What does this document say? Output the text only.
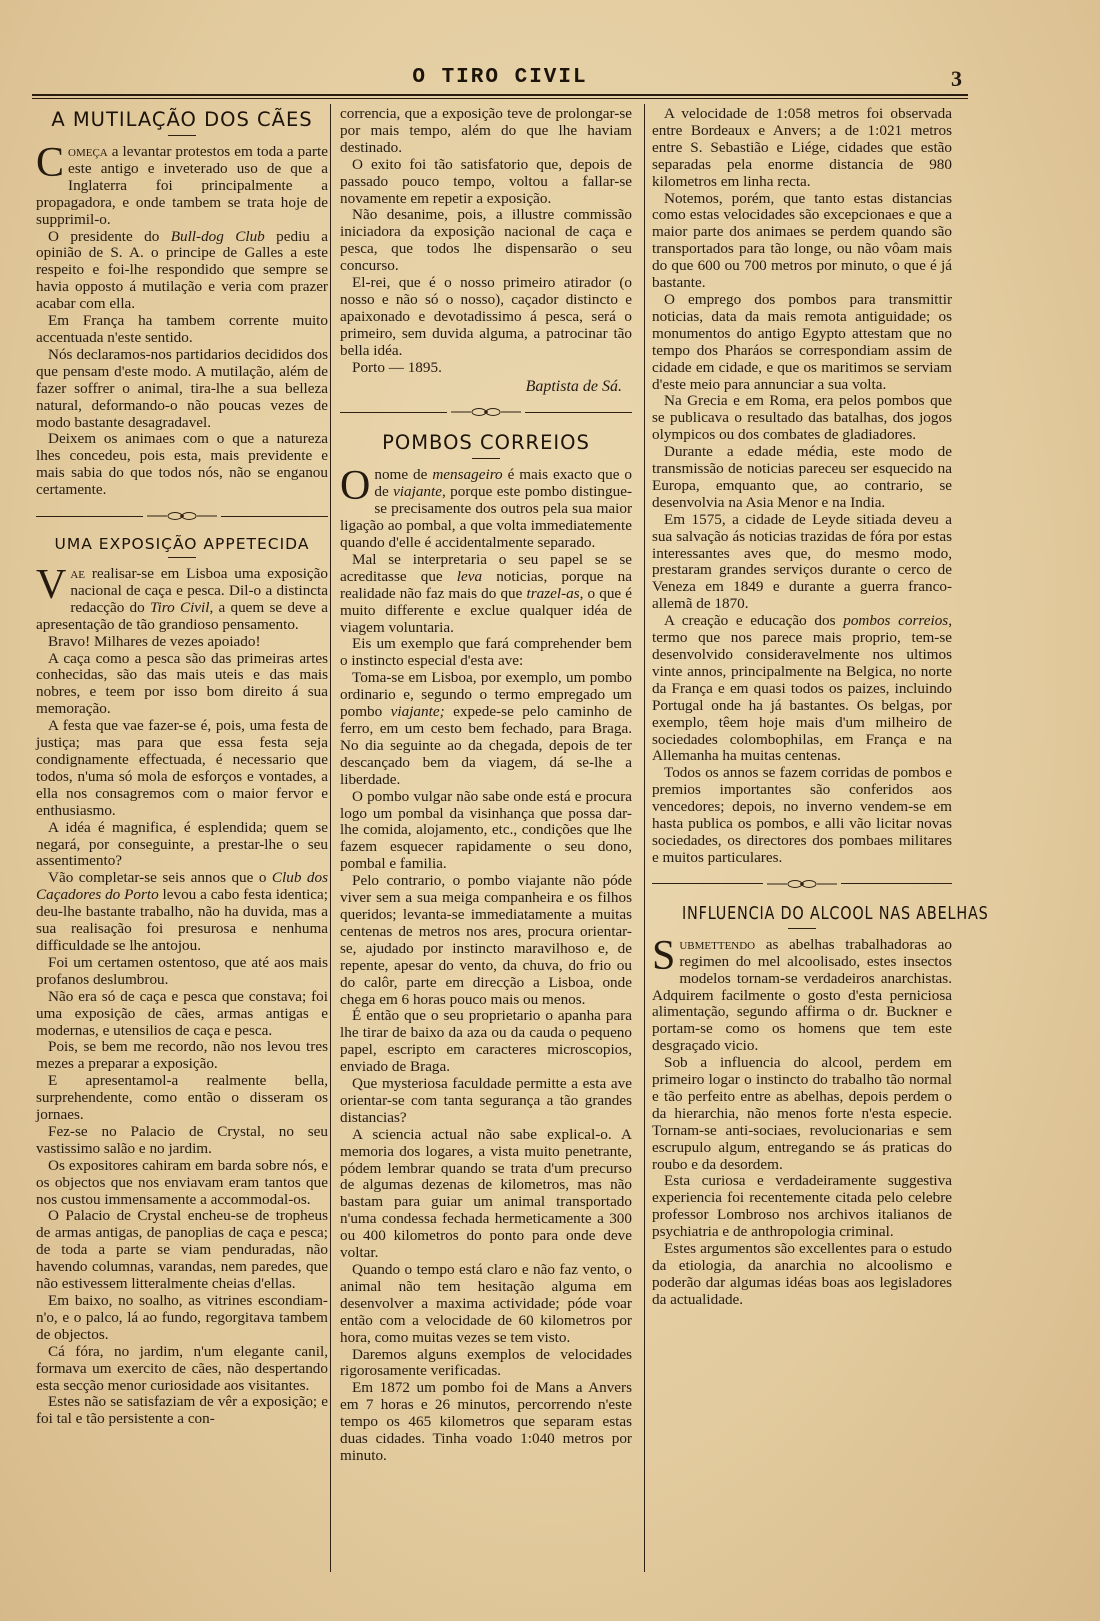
O TIRO CIVIL	3
A MUTILAÇÃO DOS CÃES

Começa a levantar protestos em toda a parte este antigo e inveterado uso de que a Inglaterra foi principalmente a propagadora, e onde tambem se trata hoje de supprimil-o.

O presidente do Bull-dog Club pediu a opinião de S. A. o principe de Galles a este respeito e foi-lhe respondido que sempre se havia opposto á mutilação e veria com prazer acabar com ella.

Em França ha tambem corrente muito accentuada n'este sentido.

Nós declaramos-nos partidarios decididos dos que pensam d'este modo. A mutilação, além de fazer soffrer o animal, tira-lhe a sua belleza natural, deformando-o não poucas vezes de modo bastante desagradavel.

Deixem os animaes com o que a natureza lhes concedeu, pois esta, mais previdente e mais sabia do que todos nós, não se enganou certamente.

UMA EXPOSIÇÃO APPETECIDA

Vae realisar-se em Lisboa uma exposição nacional de caça e pesca. Dil-o a distincta redacção do Tiro Civil, a quem se deve a apresentação de tão grandioso pensamento.

Bravo! Milhares de vezes apoiado!

A caça como a pesca são das primeiras artes conhecidas, são das mais uteis e das mais nobres, e teem por isso bom direito á sua memoração.

A festa que vae fazer-se é, pois, uma festa de justiça; mas para que essa festa seja condignamente effectuada, é necessario que todos, n'uma só mola de esforços e vontades, a ella nos consagremos com o maior fervor e enthusiasmo.

A idéa é magnifica, é esplendida; quem se negará, por conseguinte, a prestar-lhe o seu assentimento?

Vão completar-se seis annos que o Club dos Caçadores do Porto levou a cabo festa identica; deu-lhe bastante trabalho, não ha duvida, mas a sua realisação foi presurosa e nenhuma difficuldade se lhe antojou.

Foi um certamen ostentoso, que até aos mais profanos deslumbrou.

Não era só de caça e pesca que constava; foi uma exposição de cães, armas antigas e modernas, e utensilios de caça e pesca.

Pois, se bem me recordo, não nos levou tres mezes a preparar a exposição.

E apresentamol-a realmente bella, surprehendente, como então o disseram os jornaes.

Fez-se no Palacio de Crystal, no seu vastissimo salão e no jardim.

Os expositores cahiram em barda sobre nós, e os objectos que nos enviavam eram tantos que nos custou immensamente a accommodal-os.

O Palacio de Crystal encheu-se de tropheus de armas antigas, de panoplias de caça e pesca; de toda a parte se viam penduradas, não havendo columnas, varandas, nem paredes, que não estivessem litteralmente cheias d'ellas.

Em baixo, no soalho, as vitrines escondiam-n'o, e o palco, lá ao fundo, regorgitava tambem de objectos.

Cá fóra, no jardim, n'um elegante canil, formava um exercito de cães, não despertando esta secção menor curiosidade aos visitantes.

Estes não se satisfaziam de vêr a exposição; e foi tal e tão persistente a con-

correncia, que a exposição teve de prolongar-se por mais tempo, além do que lhe haviam destinado.

O exito foi tão satisfatorio que, depois de passado pouco tempo, voltou a fallar-se novamente em repetir a exposição.

Não desanime, pois, a illustre commissão iniciadora da exposição nacional de caça e pesca, que todos lhe dispensarão o seu concurso.

El-rei, que é o nosso primeiro atirador (o nosso e não só o nosso), caçador distincto e apaixonado e devotadissimo á pesca, será o primeiro, sem duvida alguma, a patrocinar tão bella idéa.

Porto — 1895.

Baptista de Sá.

POMBOS CORREIOS

O nome de mensageiro é mais exacto que o de viajante, porque este pombo distingue-se precisamente dos outros pela sua maior ligação ao pombal, a que volta immediatemente quando d'elle é accidentalmente separado.

Mal se interpretaria o seu papel se se acreditasse que leva noticias, porque na realidade não faz mais do que trazel-as, o que é muito differente e exclue qualquer idéa de viagem voluntaria.

Eis um exemplo que fará comprehender bem o instincto especial d'esta ave:

Toma-se em Lisboa, por exemplo, um pombo ordinario e, segundo o termo empregado um pombo viajante; expede-se pelo caminho de ferro, em um cesto bem fechado, para Braga. No dia seguinte ao da chegada, depois de ter descançado bem da viagem, dá se-lhe a liberdade.

O pombo vulgar não sabe onde está e procura logo um pombal da visinhança que possa dar-lhe comida, alojamento, etc., condições que lhe fazem esquecer rapidamente o seu dono, pombal e familia.

Pelo contrario, o pombo viajante não póde viver sem a sua meiga companheira e os filhos queridos; levanta-se immediatamente a muitas centenas de metros nos ares, procura orientar-se, ajudado por instincto maravilhoso e, de repente, apesar do vento, da chuva, do frio ou do calôr, parte em direcção a Lisboa, onde chega em 6 horas pouco mais ou menos.

É então que o seu proprietario o apanha para lhe tirar de baixo da aza ou da cauda o pequeno papel, escripto em caracteres microscopios, enviado de Braga.

Que mysteriosa faculdade permitte a esta ave orientar-se com tanta segurança a tão grandes distancias?

A sciencia actual não sabe explical-o. A memoria dos logares, a vista muito penetrante, pódem lembrar quando se trata d'um precurso de algumas dezenas de kilometros, mas não bastam para guiar um animal transportado n'uma condessa fechada hermeticamente a 300 ou 400 kilometros do ponto para onde deve voltar.

Quando o tempo está claro e não faz vento, o animal não tem hesitação alguma em desenvolver a maxima actividade; póde voar então com a velocidade de 60 kilometros por hora, como muitas vezes se tem visto.

Daremos alguns exemplos de velocidades rigorosamente verificadas.

Em 1872 um pombo foi de Mans a Anvers em 7 horas e 26 minutos, percorrendo n'este tempo os 465 kilometros que separam estas duas cidades. Tinha voado 1:040 metros por minuto.

A velocidade de 1:058 metros foi observada entre Bordeaux e Anvers; a de 1:021 metros entre S. Sebastião e Liége, cidades que estão separadas pela enorme distancia de 980 kilometros em linha recta.

Notemos, porém, que tanto estas distancias como estas velocidades são excepcionaes e que a maior parte dos animaes se perdem quando são transportados para tão longe, ou não vôam mais do que 600 ou 700 metros por minuto, o que é já bastante.

O emprego dos pombos para transmittir noticias, data da mais remota antiguidade; os monumentos do antigo Egypto attestam que no tempo dos Pharáos se correspondiam assim de cidade em cidade, e que os maritimos se serviam d'este meio para annunciar a sua volta.

Na Grecia e em Roma, era pelos pombos que se publicava o resultado das batalhas, dos jogos olympicos ou dos combates de gladiadores.

Durante a edade média, este modo de transmissão de noticias pareceu ser esquecido na Europa, emquanto que, ao contrario, se desenvolvia na Asia Menor e na India.

Em 1575, a cidade de Leyde sitiada deveu a sua salvação ás noticias trazidas de fóra por estas interessantes aves que, do mesmo modo, prestaram grandes serviços durante o cerco de Veneza em 1849 e durante a guerra franco-allemã de 1870.

A creação e educação dos pombos correios, termo que nos parece mais proprio, tem-se desenvolvido consideravelmente nos ultimos vinte annos, principalmente na Belgica, no norte da França e em quasi todos os paizes, incluindo Portugal onde ha já bastantes. Os belgas, por exemplo, têem hoje mais d'um milheiro de sociedades colombophilas, em França e na Allemanha ha muitas centenas.

Todos os annos se fazem corridas de pombos e premios importantes são conferidos aos vencedores; depois, no inverno vendem-se em hasta publica os pombos, e alli vão licitar novas sociedades, os directores dos pombaes militares e muitos particulares.

INFLUENCIA DO ALCOOL NAS ABELHAS

Submettendo as abelhas trabalhadoras ao regimen do mel alcoolisado, estes insectos modelos tornam-se verdadeiros anarchistas. Adquirem facilmente o gosto d'esta perniciosa alimentação, segundo affirma o dr. Buckner e portam-se como os homens que tem este desgraçado vicio.

Sob a influencia do alcool, perdem em primeiro logar o instincto do trabalho tão normal e tão perfeito entre as abelhas, depois perdem o da hierarchia, não menos forte n'esta especie. Tornam-se anti-sociaes, revolucionarias e sem escrupulo algum, entregando se ás praticas do roubo e da desordem.

Esta curiosa e verdadeiramente suggestiva experiencia foi recentemente citada pelo celebre professor Lombroso nos archivos italianos de psychiatria e de anthropologia criminal.

Estes argumentos são excellentes para o estudo da etiologia, da anarchia no alcoolismo e poderão dar algumas idéas boas aos legisladores da actualidade.
